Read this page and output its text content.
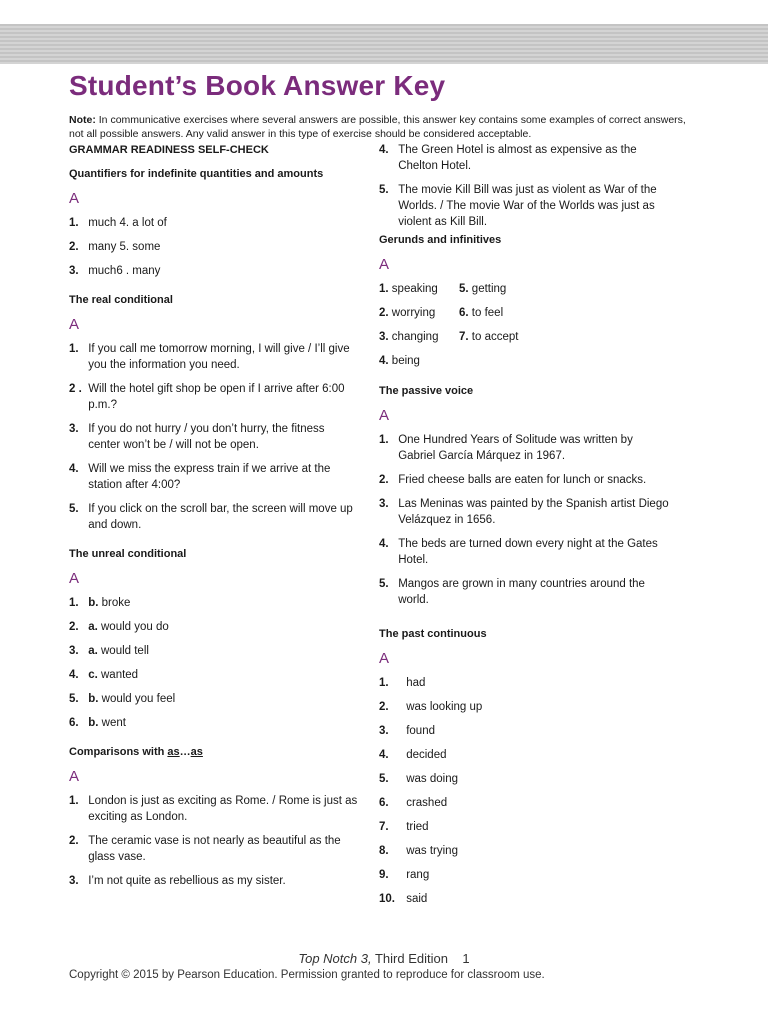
Student’s Book Answer Key
Note: In communicative exercises where several answers are possible, this answer key contains some examples of correct answers, not all possible answers. Any valid answer in this type of exercise should be considered acceptable.

GRAMMAR READINESS SELF-CHECK

Quantifiers for indefinite quantities and amounts

A

1.
much 4. a lot of
2.
many 5. some
3.
much6 . many

The real conditional

A

1.
If you call me tomorrow morning, I will give / I’ll give you the information you need.
2 .
Will the hotel gift shop be open if I arrive after 6:00 p.m.?
3.
If you do not hurry / you don’t hurry, the fitness center won’t be / will not be open.
4.
Will we miss the express train if we arrive at the station after 4:00?
5.
If you click on the scroll bar, the screen will move up and down.

The unreal conditional

A

1.
b.
broke
2.
a.
would you do
3.
a.
would tell
4.
c.
wanted
5.
b.
would you feel
6.
b.
went

Comparisons with as…as

A

1.
London is just as exciting as Rome. / Rome is just as exciting as London.
2.
The ceramic vase is not nearly as beautiful as the glass vase.
3.
I’m not quite as rebellious as my sister.
4.
The Green Hotel is almost as expensive as the Chelton Hotel.
5.
The movie Kill Bill was just as violent as War of the Worlds. / The movie War of the Worlds was just as violent as Kill Bill.

Gerunds and infinitives

A

1. speaking	5. getting
2. worrying	6. to feel
3. changing	7. to accept
4. being

The passive voice

A

1.
One Hundred Years of Solitude was written by Gabriel García Márquez in 1967.
2.
Fried cheese balls are eaten for lunch or snacks.
3.
Las Meninas was painted by the Spanish artist Diego Velázquez in 1656.
4.
The beds are turned down every night at the Gates Hotel.
5.
Mangos are grown in many countries around the world.

The past continuous

A

1.
	had
2.
	was looking up
3.
	found
4.
	decided
5.
	was doing
6.
	crashed
7.
	tried
8.
	was trying
9.
	rang
10.
said
Top Notch 3, Third Edition 1
Copyright © 2015 by Pearson Education. Permission granted to reproduce for classroom use.
